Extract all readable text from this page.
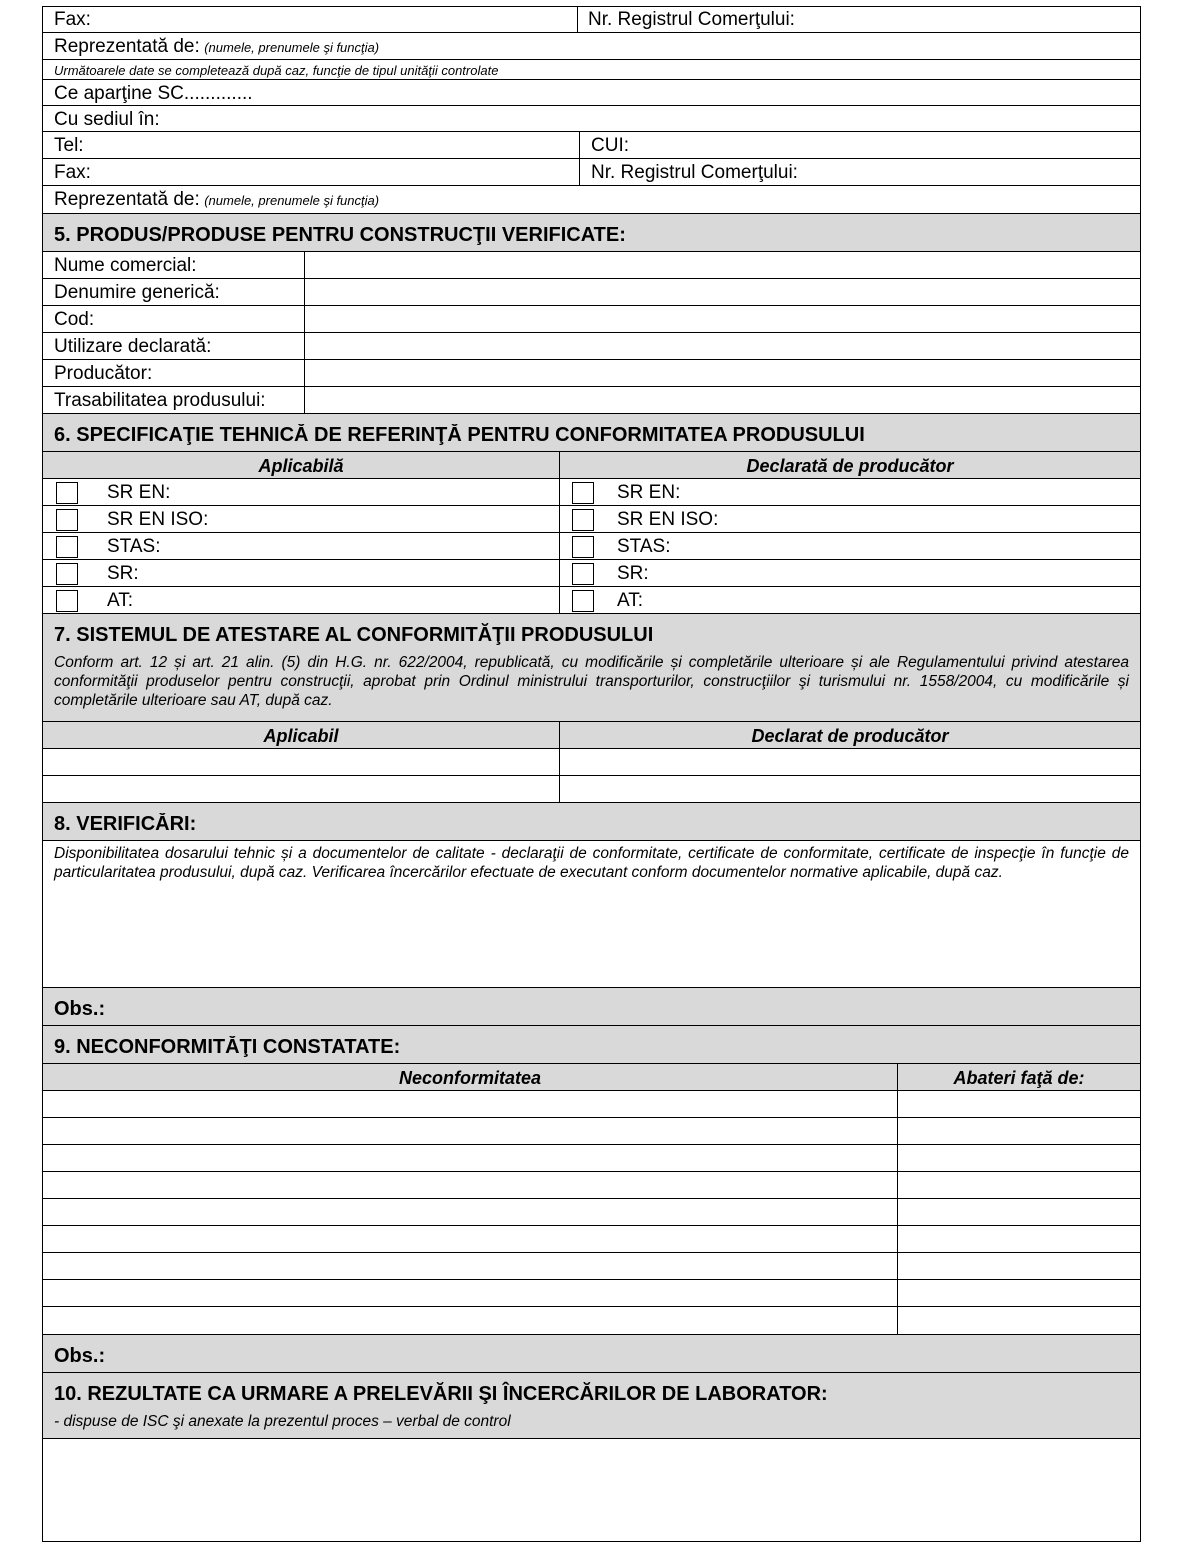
Fax:	Nr. Registrul Comerţului:
Reprezentată de: (numele, prenumele şi funcţia)
Următoarele date se completează după caz, funcţie de tipul unităţii controlate
Ce aparţine SC.............
Cu sediul în:
Tel:	CUI:
Fax:	Nr. Registrul Comerţului:
Reprezentată de: (numele, prenumele şi funcţia)
5. PRODUS/PRODUSE PENTRU CONSTRUCŢII VERIFICATE:
Nume comercial:
Denumire generică:
Cod:
Utilizare declarată:
Producător:
Trasabilitatea produsului:
6. SPECIFICAŢIE TEHNICĂ DE REFERINŢĂ PENTRU CONFORMITATEA PRODUSULUI
Aplicabilă	Declarată de producător
SR EN:	SR EN:
SR EN ISO:	SR EN ISO:
STAS:	STAS:
SR:	SR:
AT:	AT:
7. SISTEMUL DE ATESTARE AL CONFORMITĂŢII PRODUSULUI
Conform art. 12 și art. 21 alin. (5) din H.G. nr. 622/2004, republicată, cu modificările și completările ulterioare și ale Regulamentului privind atestarea conformităţii produselor pentru construcţii, aprobat prin Ordinul ministrului transporturilor, construcţiilor şi turismului nr. 1558/2004, cu modificările și completările ulterioare sau AT, după caz.
Aplicabil	Declarat de producător
8. VERIFICĂRI:
Disponibilitatea dosarului tehnic și a documentelor de calitate - declaraţii de conformitate, certificate de conformitate, certificate de inspecţie în funcţie de particularitatea produsului, după caz. Verificarea încercărilor efectuate de executant conform documentelor normative aplicabile, după caz.
Obs.:
9. NECONFORMITĂŢI CONSTATATE:
Neconformitatea	Abateri faţă de:
Obs.:
10. REZULTATE CA URMARE A PRELEVĂRII ŞI ÎNCERCĂRILOR DE LABORATOR:
- dispuse de ISC şi anexate la prezentul proces – verbal de control
